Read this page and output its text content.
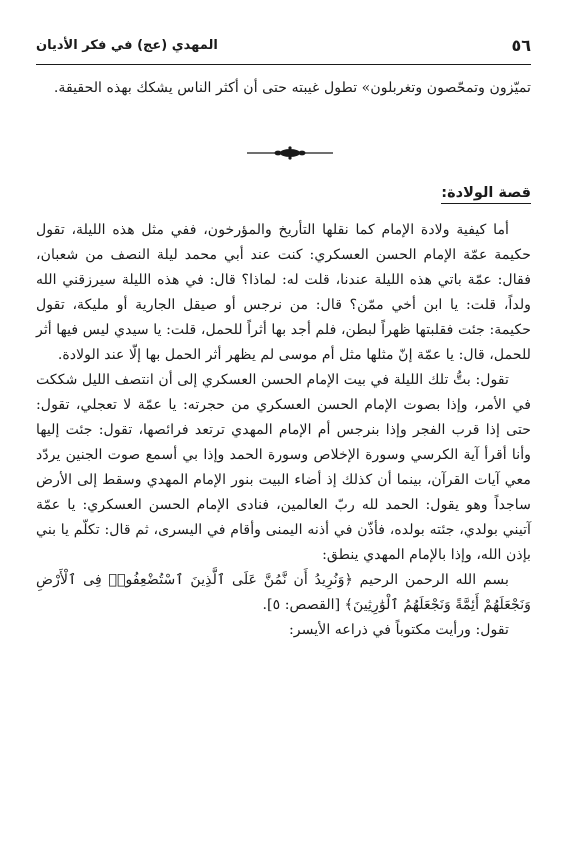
٥٦
المهدي (عج) في فكر الأديان

تميّزون وتمحّصون وتغربلون» تطول غيبته حتى أن أكثر الناس يشكك بهذه الحقيقة.

قصة الولادة:

أما كيفية ولادة الإمام كما نقلها التأريخ والمؤرخون، ففي مثل هذه الليلة، تقول حكيمة عمّة الإمام الحسن العسكري: كنت عند أبي محمد ليلة النصف من شعبان، فقال: عمّة باتي هذه الليلة عندنا، قلت له: لماذا؟ قال: في هذه الليلة سيرزقني الله ولداً، قلت: يا ابن أخي ممّن؟ قال: من نرجس أو صيقل الجارية أو مليكة، تقول حكيمة: جئت فقلبتها ظهراً لبطن، فلم أجد بها أثراً للحمل، قلت: يا سيدي ليس فيها أثر للحمل، قال: يا عمّة إنّ مثلها مثل أم موسى لم يظهر أثر الحمل بها إلّا عند الولادة.

تقول: بتُّ تلك الليلة في بيت الإمام الحسن العسكري إلى أن انتصف الليل شككت في الأمر، وإذا بصوت الإمام الحسن العسكري من حجرته: يا عمّة لا تعجلي، تقول: حتى إذا قرب الفجر وإذا بنرجس أم الإمام المهدي ترتعد فرائصها، تقول: جئت إليها وأنا أقرأ آية الكرسي وسورة الإخلاص وسورة الحمد وإذا بي أسمع صوت الجنين يردّد معي آيات القرآن، بينما أن كذلك إذ أضاء البيت بنور الإمام المهدي وسقط إلى الأرض ساجداً وهو يقول: الحمد لله ربّ العالمين، فنادى الإمام الحسن العسكري: يا عمّة آتيني بولدي، جئته بولده، فأذّن في أذنه اليمنى وأقام في اليسرى، ثم قال: تكلّم يا بني بإذن الله، وإذا بالإمام المهدي ينطق:

بسم الله الرحمن الرحيم ﴿وَنُرِيدُ أَن نَّمُنَّ عَلَى ٱلَّذِينَ ٱسْتُضْعِفُوا۟ فِى ٱلْأَرْضِ وَنَجْعَلَهُمْ أَئِمَّةً وَنَجْعَلَهُمُ ٱلْوَٰرِثِينَ﴾ [القصص: ٥].

تقول: ورأيت مكتوباً في ذراعه الأيسر:
